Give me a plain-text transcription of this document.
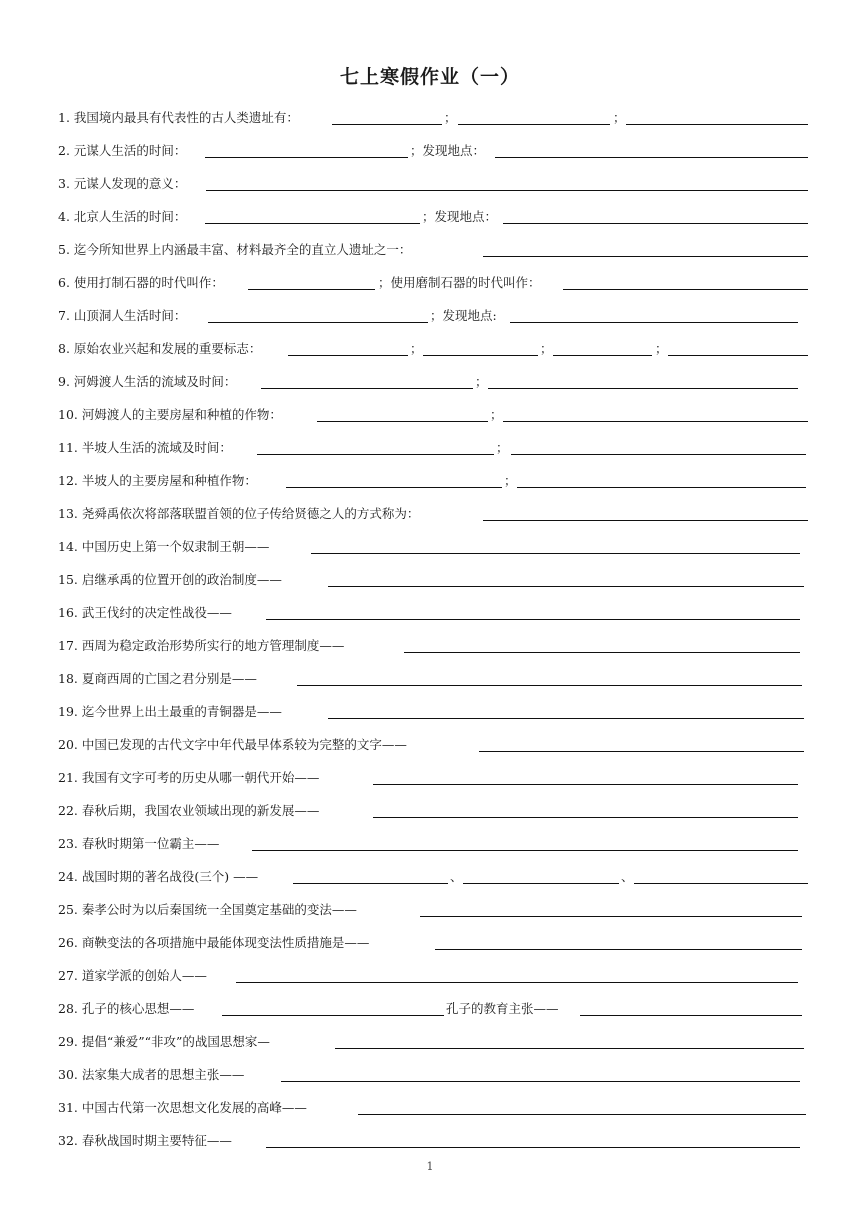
七上寒假作业（一）
1. 我国境内最具有代表性的古人类遗址有：	；	；
2. 元谋人生活的时间：	；发现地点：
3. 元谋人发现的意义：
4. 北京人生活的时间：	；发现地点：
5. 迄今所知世界上内涵最丰富、材料最齐全的直立人遗址之一：
6. 使用打制石器的时代叫作：	；使用磨制石器的时代叫作：
7. 山顶洞人生活时间：	；发现地点:
8. 原始农业兴起和发展的重要标志：	；	；	；
9. 河姆渡人生活的流域及时间：	；
10. 河姆渡人的主要房屋和种植的作物：	；
11. 半坡人生活的流域及时间：	；
12. 半坡人的主要房屋和种植作物：	；
13. 尧舜禹依次将部落联盟首领的位子传给贤德之人的方式称为：
14. 中国历史上第一个奴隶制王朝——
15. 启继承禹的位置开创的政治制度——
16. 武王伐纣的决定性战役——
17. 西周为稳定政治形势所实行的地方管理制度——
18. 夏商西周的亡国之君分别是——
19. 迄今世界上出土最重的青铜器是——
20. 中国已发现的古代文字中年代最早体系较为完整的文字——
21. 我国有文字可考的历史从哪一朝代开始——
22. 春秋后期，我国农业领域出现的新发展——
23. 春秋时期第一位霸主——
24. 战国时期的著名战役(三个) ——	、	、
25. 秦孝公时为以后秦国统一全国奠定基础的变法——
26. 商鞅变法的各项措施中最能体现变法性质措施是——
27. 道家学派的创始人——
28. 孔子的核心思想——	孔子的教育主张——
29. 提倡“兼爱”“非攻”的战国思想家—
30. 法家集大成者的思想主张——
31. 中国古代第一次思想文化发展的高峰——
32. 春秋战国时期主要特征——
1
